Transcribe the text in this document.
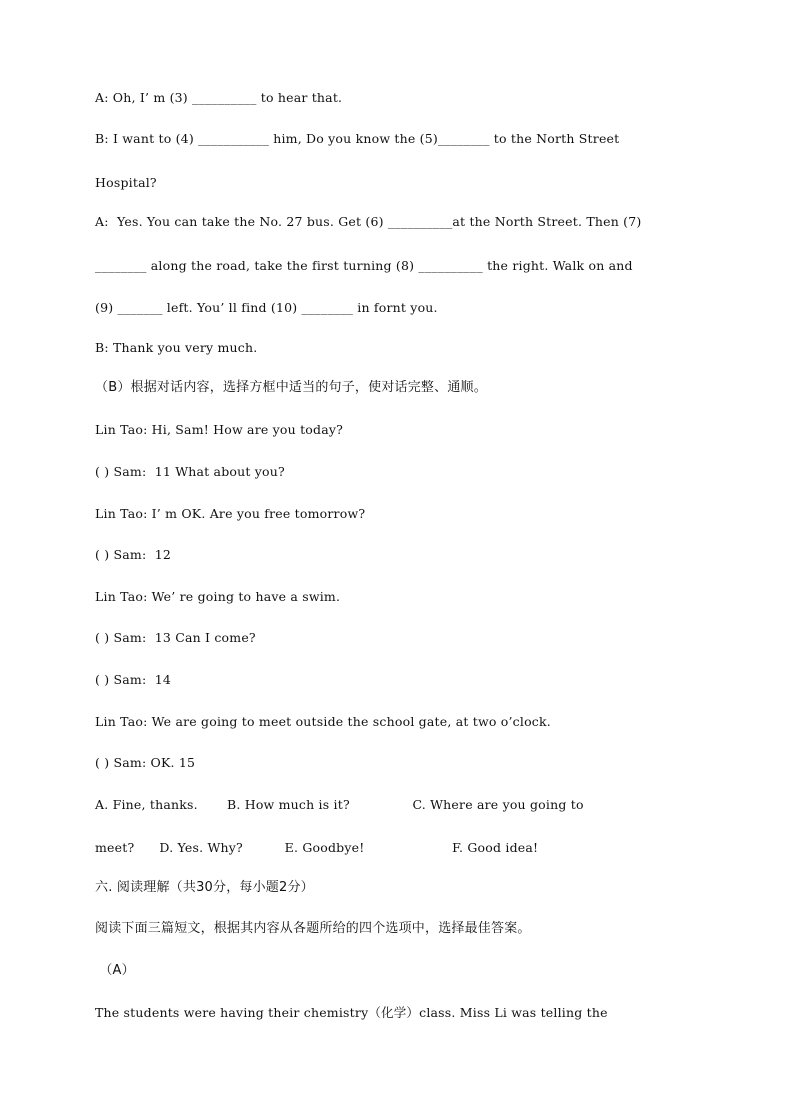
A: Oh, I’ m (3) __________ to hear that.
B: I want to (4) ___________ him, Do you know the (5)________ to the North Street
Hospital?
A:  Yes. You can take the No. 27 bus. Get (6) __________at the North Street. Then (7)
________ along the road, take the first turning (8) __________ the right. Walk on and
(9) _______ left. You’ ll find (10) ________ in fornt you.
B: Thank you very much.
（B）根据对话内容，选择方框中适当的句子，使对话完整、通顺。
Lin Tao: Hi, Sam! How are you today?
( ) Sam:  11 What about you?
Lin Tao: I’ m OK. Are you free tomorrow?
( ) Sam:  12
Lin Tao: We’ re going to have a swim.
( ) Sam:  13 Can I come?
( ) Sam:  14
Lin Tao: We are going to meet outside the school gate, at two o’clock.
( ) Sam: OK. 15
A. Fine, thanks.       B. How much is it?               C. Where are you going to
meet?      D. Yes. Why?          E. Goodbye!                     F. Good idea!
六. 阅读理解（共30分，每小题2分）
阅读下面三篇短文，根据其内容从各题所给的四个选项中，选择最佳答案。
（A）
The students were having their chemistry（化学）class. Miss Li was telling the
